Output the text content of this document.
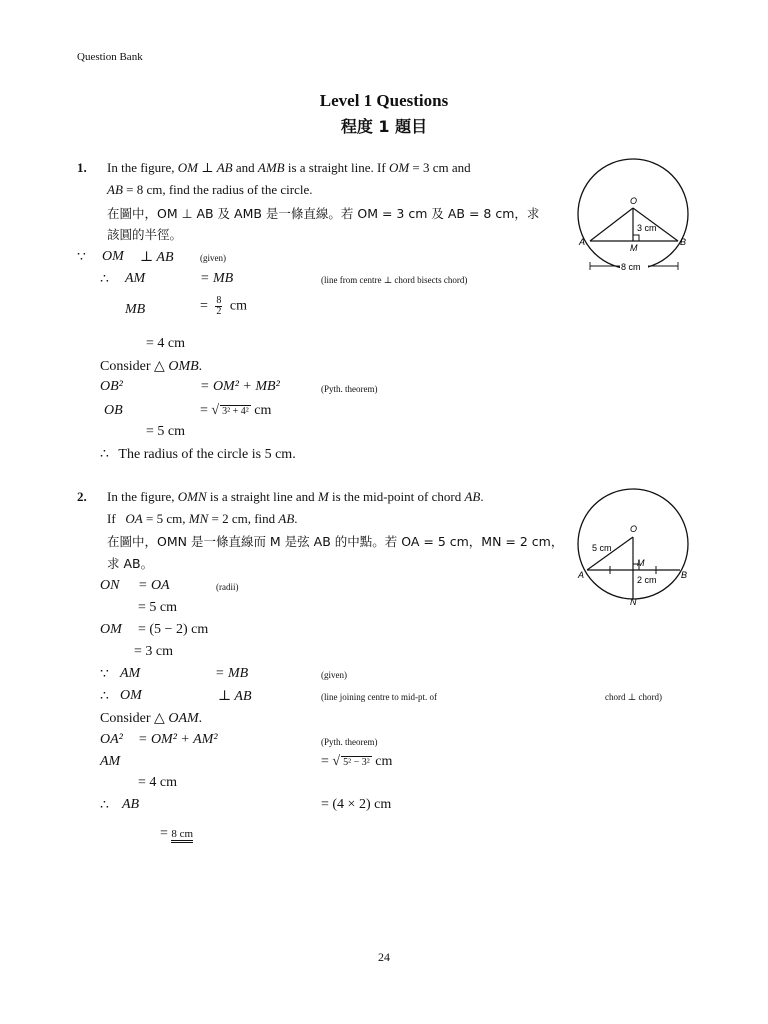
Question Bank
Level 1 Questions
程度 1 題目
1. In the figure, OM ⊥ AB and AMB is a straight line. If OM = 3 cm and
AB = 8 cm, find the radius of the circle.
在圖中，OM ⊥ AB 及 AMB 是一條直線。若 OM = 3 cm 及 AB = 8 cm，求
該圓的半徑。
∵ OM ⊥ AB	(given)
∴ AM	= MB	(line from centre ⊥ chord bisects chord)
MB	= $\frac{8}{2}$ cm
= 4 cm
Consider △ OMB.
OB²	= OM² + MB²	(Pyth. theorem)
OB	= √ 3² + 4² cm
= 5 cm
∴ The radius of the circle is 5 cm.
O
A	B
M
3 cm
8 cm
2. In the figure, OMN is a straight line and M is the mid-point of chord AB.
If OA = 5 cm, MN = 2 cm, find AB.
在圖中，OMN 是一條直線而 M 是弦 AB 的中點。若 OA = 5 cm，MN = 2 cm，
求 AB。
ON = OA	(radii)
= 5 cm
OM = (5 − 2) cm
= 3 cm
∵ AM	= MB	(given)
∴ OM	⊥ AB	(line joining centre to mid-pt. of	chord ⊥ chord)
Consider △ OAM.
OA² = OM² + AM²	(Pyth. theorem)
AM	= √ 5² − 3² cm
= 4 cm
∴ AB	= (4 × 2) cm
= 8 cm
O
A	B
M
N
5 cm
2 cm
24
